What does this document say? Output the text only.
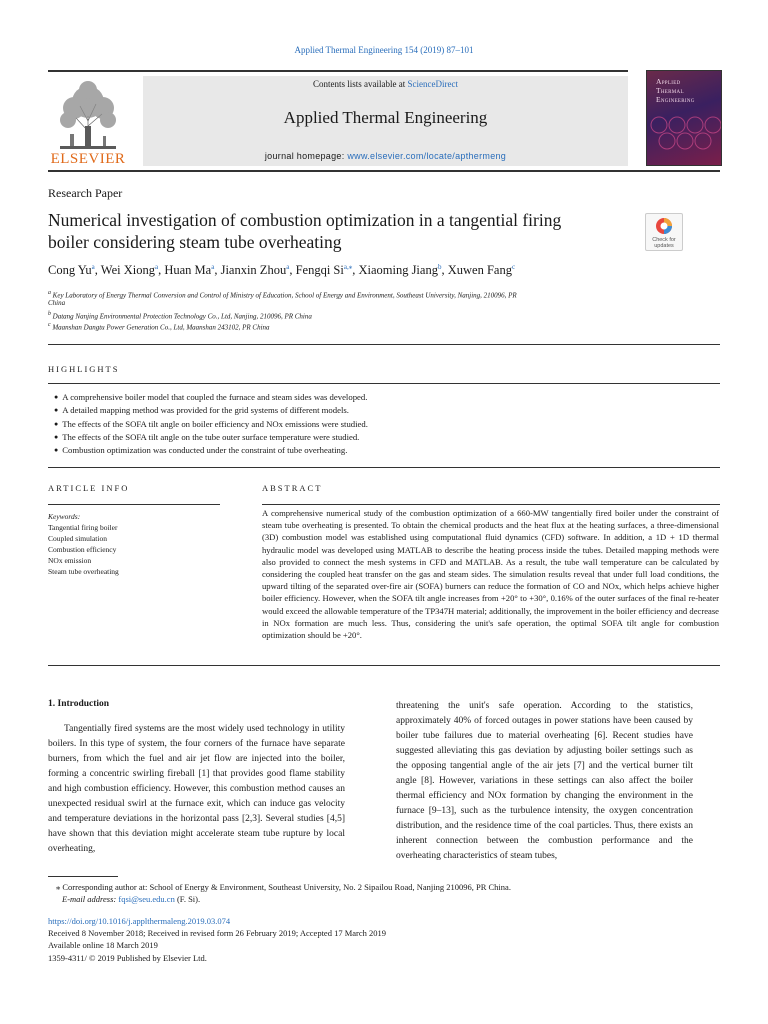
Applied Thermal Engineering 154 (2019) 87–101
ELSEVIER
Contents lists available at ScienceDirect
Applied Thermal Engineering
journal homepage: www.elsevier.com/locate/apthermeng
Applied
Thermal
Engineering
Research Paper
Numerical investigation of combustion optimization in a tangential firing
boiler considering steam tube overheating	Check for updates
Cong Yu$^a$, Wei Xiong$^a$, Huan Ma$^a$, Jianxin Zhou$^a$, Fengqi $Si^{a,⁎}$, Xiaoming Jiang$^b$, Xuwen Fang$^c$
$^a$ Key Laboratory of Energy Thermal Conversion and Control of Ministry of Education, School of Energy and Environment, Southeast University, Nanjing, 210096, PR
China
$^b$ Datang Nanjing Environmental Protection Technology Co., Ltd, Nanjing, 210096, PR China
$^c$ Maanshan Dangtu Power Generation Co., Ltd, Maanshan 243102, PR China
HIGHLIGHTS
● A comprehensive boiler model that coupled the furnace and steam sides was developed.
● A detailed mapping method was provided for the grid systems of different models.
● The effects of the SOFA tilt angle on boiler efficiency and NOx emissions were studied.
● The effects of the SOFA tilt angle on the tube outer surface temperature were studied.
● Combustion optimization was conducted under the constraint of tube overheating.
ARTICLE INFO
Keywords:
Tangential firing boiler
Coupled simulation
Combustion efficiency
NOx emission
Steam tube overheating
ABSTRACT
A comprehensive numerical study of the combustion optimization of a 660-MW tangentially fired boiler under the constraint of steam tube overheating is presented. To obtain the chemical products and the heat flux at the heating surfaces, a three-dimensional (3D) combustion model was established using computational fluid dynamics (CFD) software. In addition, a 1D + 1D thermal hydraulic model was developed using MATLAB to describe the heating process inside the tubes. Detailed mapping methods were also provided to connect the mesh systems in CFD and MATLAB. As a result, the tube wall temperature can be calculated by considering the coupled heat transfer on the gas and steam sides. The simulation results reveal that under full load conditions, the upward tilting of the separated over-fire air (SOFA) burners can reduce the formation of CO and NOx, which helps achieve higher boiler efficiency. However, when the SOFA tilt angle increases from +20° to +30°, 0.16% of the outer surfaces of the final re-heater would exceed the allowable temperature of the TP347H material; additionally, the improvement in the boiler efficiency and decrease in NOx formation are much less. Thus, considering the unit's safe operation, the optimal SOFA tilt angle for combustion optimization should be +20°.
1. Introduction
Tangentially fired systems are the most widely used technology in utility boilers. In this type of system, the four corners of the furnace have separate burners, from which the fuel and air jet flow are injected into the boiler, forming a concentric swirling fireball [1] that provides good flame stability and high combustion efficiency. However, this combustion method causes an unexpected residual swirl at the furnace exit, which can induce gas velocity and temperature deviations in the horizontal pass [2,3]. Several studies [4,5] have shown that this deviation might accelerate steam tube rupture by local overheating,
threatening the unit's safe operation. According to the statistics, approximately 40% of forced outages in power stations have been caused by boiler tube failures due to material overheating [6]. Recent studies have suggested alleviating this gas deviation by adjusting boiler settings such as the opposing tangential angle of the air jets [7] and the vertical burner tilt angle [8]. However, variations in these settings can also affect the boiler thermal efficiency and NOx formation by changing the environment in the furnace [9–13], such as the turbulence intensity, the oxygen concentration distribution, and the residence time of the coal particles. Thus, there exists an inherent connection between the combustion performance and the overheating characteristics of steam tubes,
⁎ Corresponding author at: School of Energy & Environment, Southeast University, No. 2 Sipailou Road, Nanjing 210096, PR China.
E-mail address: fqsi@seu.edu.cn (F. Si).
https://doi.org/10.1016/j.applthermaleng.2019.03.074
Received 8 November 2018; Received in revised form 26 February 2019; Accepted 17 March 2019
Available online 18 March 2019
1359-4311/ © 2019 Published by Elsevier Ltd.
